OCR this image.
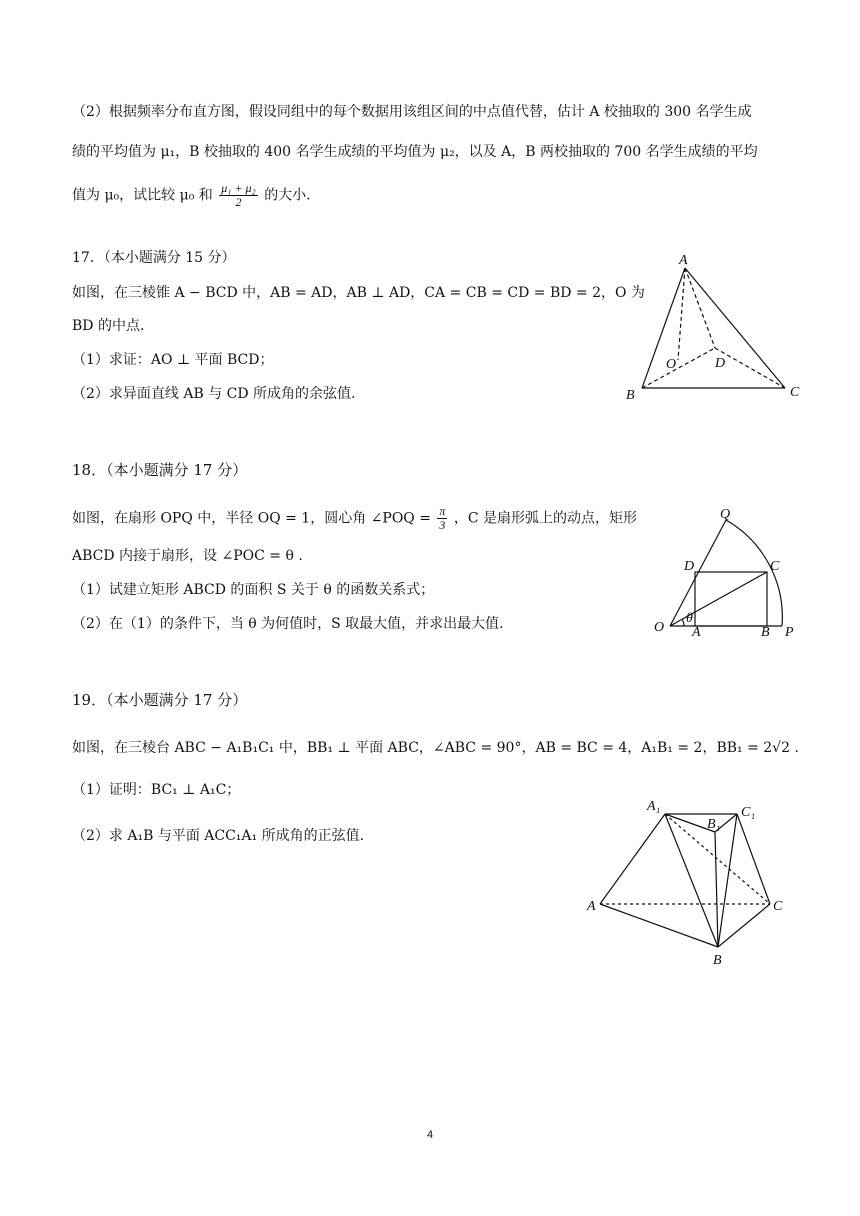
（2）根据频率分布直方图，假设同组中的每个数据用该组区间的中点值代替，估计 A 校抽取的 300 名学生成
绩的平均值为 μ₁，B 校抽取的 400 名学生成绩的平均值为 μ₂，以及 A，B 两校抽取的 700 名学生成绩的平均
值为 μ₀，试比较 μ₀ 和 $\frac{\text{μ₁ + μ₂}}{2}$ 的大小.
17．（本小题满分 15 分）
如图，在三棱锥 A − BCD 中，AB = AD，AB ⊥ AD，CA = CB = CD = BD = 2，O 为
BD 的中点.
（1）求证：AO ⊥ 平面 BCD；
（2）求异面直线 AB 与 CD 所成角的余弦值.
A
B	C
D
O
18．（本小题满分 17 分）
如图，在扇形 OPQ 中，半径 OQ = 1，圆心角 ∠POQ = $\frac{\pi}{3}$ ，C 是扇形弧上的动点，矩形
ABCD 内接于扇形，设 ∠POC = θ .
（1）试建立矩形 ABCD 的面积 S 关于 θ 的函数关系式；
（2）在（1）的条件下，当 θ 为何值时，S 取最大值，并求出最大值.
Q
D	C
O
θ
A	B P
19．（本小题满分 17 分）
如图，在三棱台 ABC − A₁B₁C₁ 中，BB₁ ⊥ 平面 ABC，∠ABC = 90°，AB = BC = 4，A₁B₁ = 2，BB₁ = 2√2 .
（1）证明：BC₁ ⊥ A₁C；
（2）求 A₁B 与平面 ACC₁A₁ 所成角的正弦值.
A₁
B₁
C₁
A
B
C
4
